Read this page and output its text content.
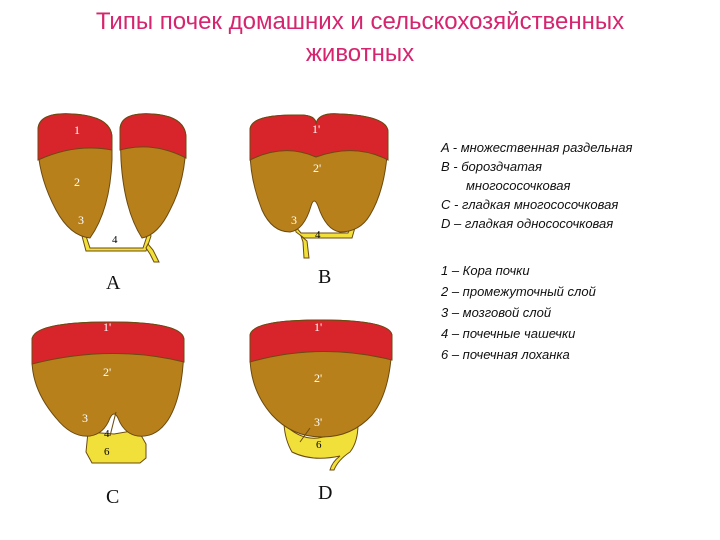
Типы почек домашних и сельскохозяйственных
животных
1
2
3
4
A
1'
2'
3
4
B
1'
2'
3
4
6
C
1'
2'
3'
6
D
A - множественная раздельная
В - бороздчатая
многососочковая
С - гладкая многососочковая
D – гладкая одноcосочковая
1 – Кора почки
2 – промежуточный слой
3 – мозговой слой
4 – почечные чашечки
6 – почечная лоханка
